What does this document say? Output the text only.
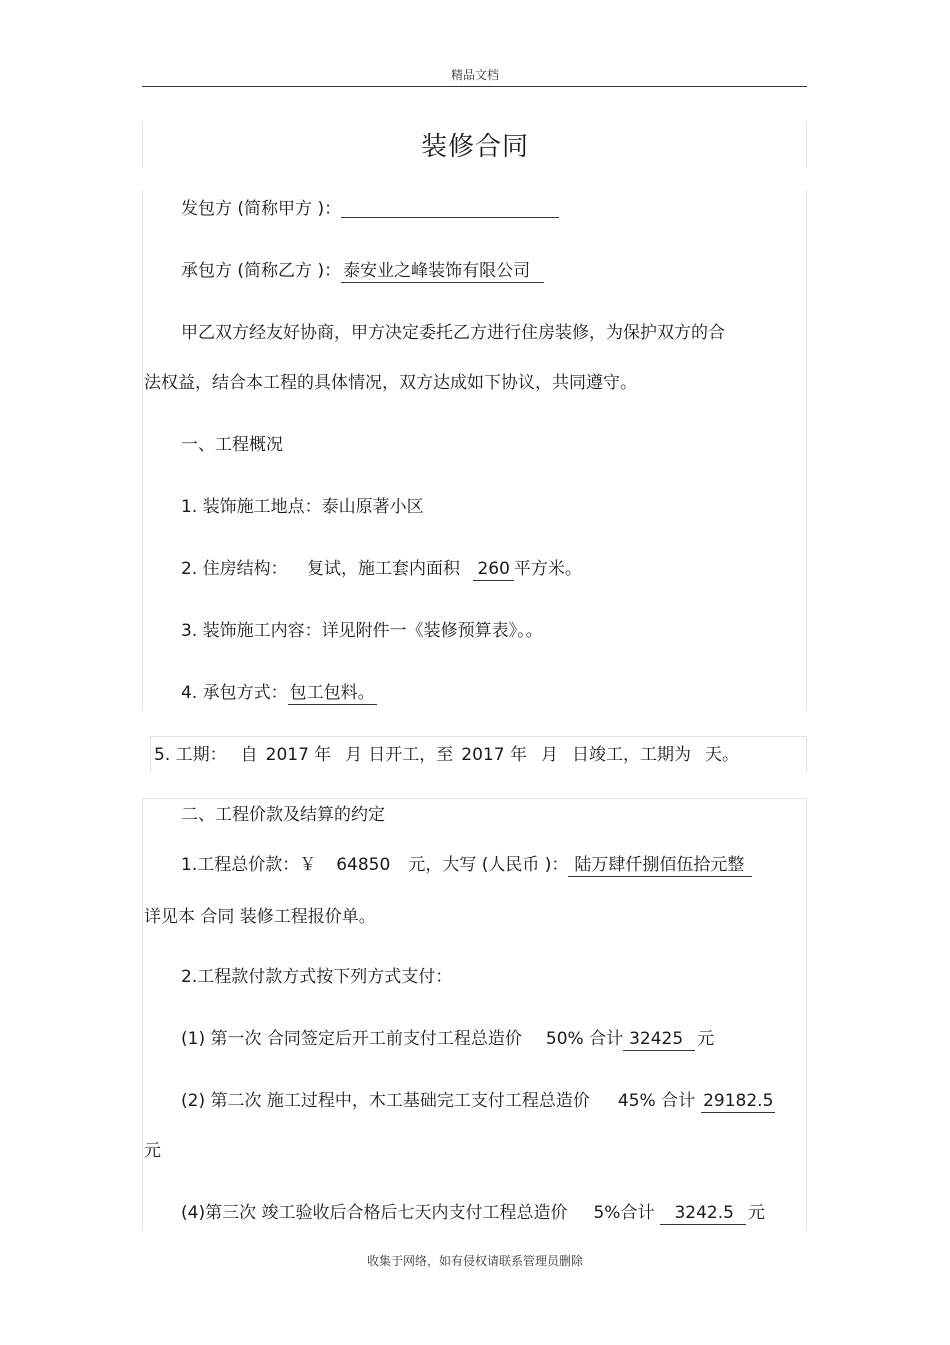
精品文档
装修合同
发包方 (简称甲方 )：
承包方 (简称乙方 )： 泰安业之峰装饰有限公司
甲乙双方经友好协商，甲方决定委托乙方进行住房装修，为保护双方的合
法权益，结合本工程的具体情况，双方达成如下协议，共同遵守。
一、工程概况
1. 装饰施工地点：泰山原著小区
2. 住房结构： 复试，施工套内面积 260 平方米。
3. 装饰施工内容：详见附件一《装修预算表》。。
4. 承包方式： 包工包料。
5. 工期： 自 2017 年 月 日开工，至 2017 年 月 日竣工，工期为 天。
二、工程价款及结算的约定
1.工程总价款：￥ 64850 元，大写 (人民币 )： 陆万肆仟捌佰伍拾元整
详见本 合同 装修工程报价单。
2.工程款付款方式按下列方式支付：
(1) 第一次 合同签定后开工前支付工程总造价 50% 合计 32425 元
(2) 第二次 施工过程中，木工基础完工支付工程总造价 45% 合计 29182.5
元
(4)第三次 竣工验收后合格后七天内支付工程总造价 5%合计 3242.5 元
收集于网络，如有侵权请联系管理员删除
